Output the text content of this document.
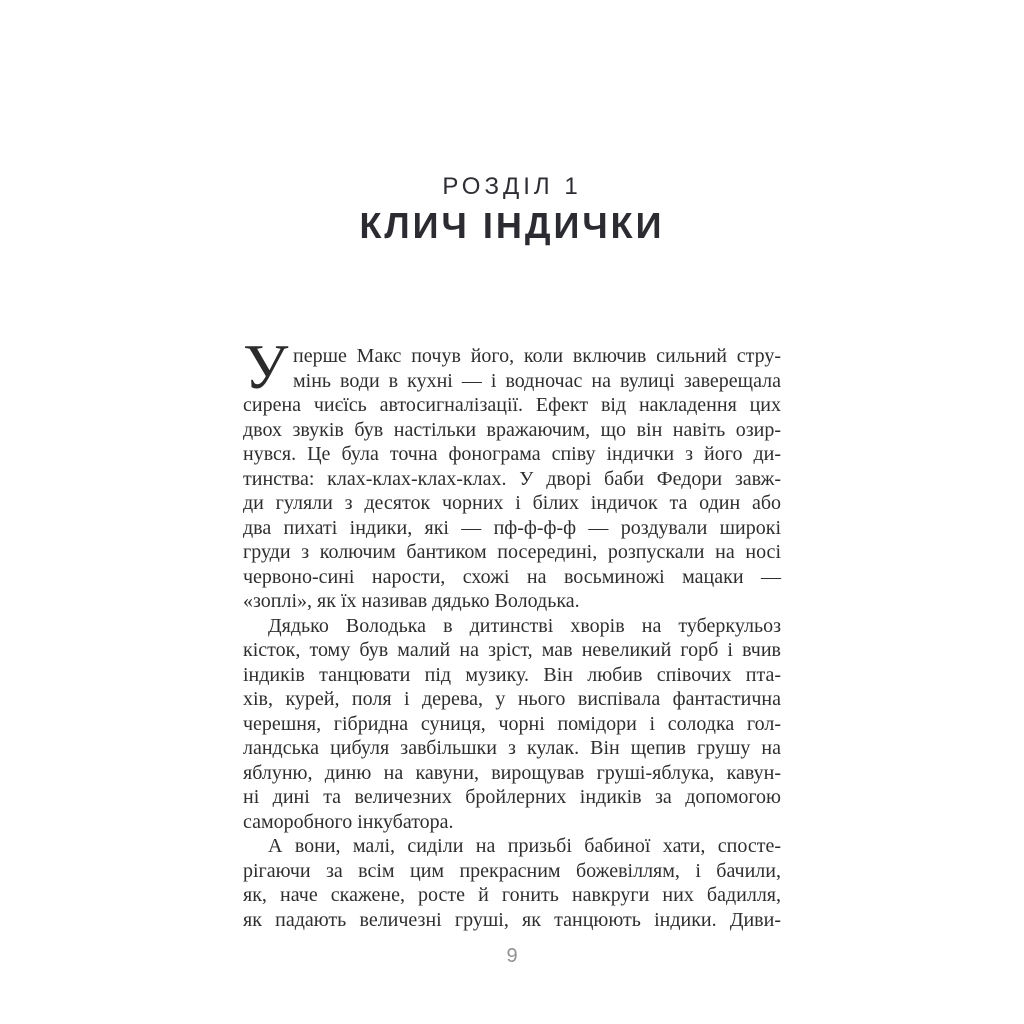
РОЗДІЛ 1
КЛИЧ ІНДИЧКИ
У перше Макс почув його, коли включив сильний стру-
мінь води в кухні — і водночас на вулиці заверещала
сирена чиєїсь автосигналізації. Ефект від накладення цих
двох звуків був настільки вражаючим, що він навіть озир-
нувся. Це була точна фонограма співу індички з його ди-
тинства: клах-клах-клах-клах. У дворі баби Федори завж-
ди гуляли з десяток чорних і білих індичок та один або
два пихаті індики, які — пф-ф-ф-ф — роздували широкі
груди з колючим бантиком посередині, розпускали на носі
червоно-сині нарости, схожі на восьминожі мацаки —
«зоплі», як їх називав дядько Володька.
Дядько Володька в дитинстві хворів на туберкульоз
кісток, тому був малий на зріст, мав невеликий горб і вчив
індиків танцювати під музику. Він любив співочих пта-
хів, курей, поля і дерева, у нього виспівала фантастична
черешня, гібридна суниця, чорні помідори і солодка гол-
ландська цибуля завбільшки з кулак. Він щепив грушу на
яблуню, диню на кавуни, вирощував груші-яблука, кавун-
ні дині та величезних бройлерних індиків за допомогою
саморобного інкубатора.
А вони, малі, сиділи на призьбі бабиної хати, спосте-
рігаючи за всім цим прекрасним божевіллям, і бачили,
як, наче скажене, росте й гонить навкруги них бадилля,
як падають величезні груші, як танцюють індики. Диви-
9
